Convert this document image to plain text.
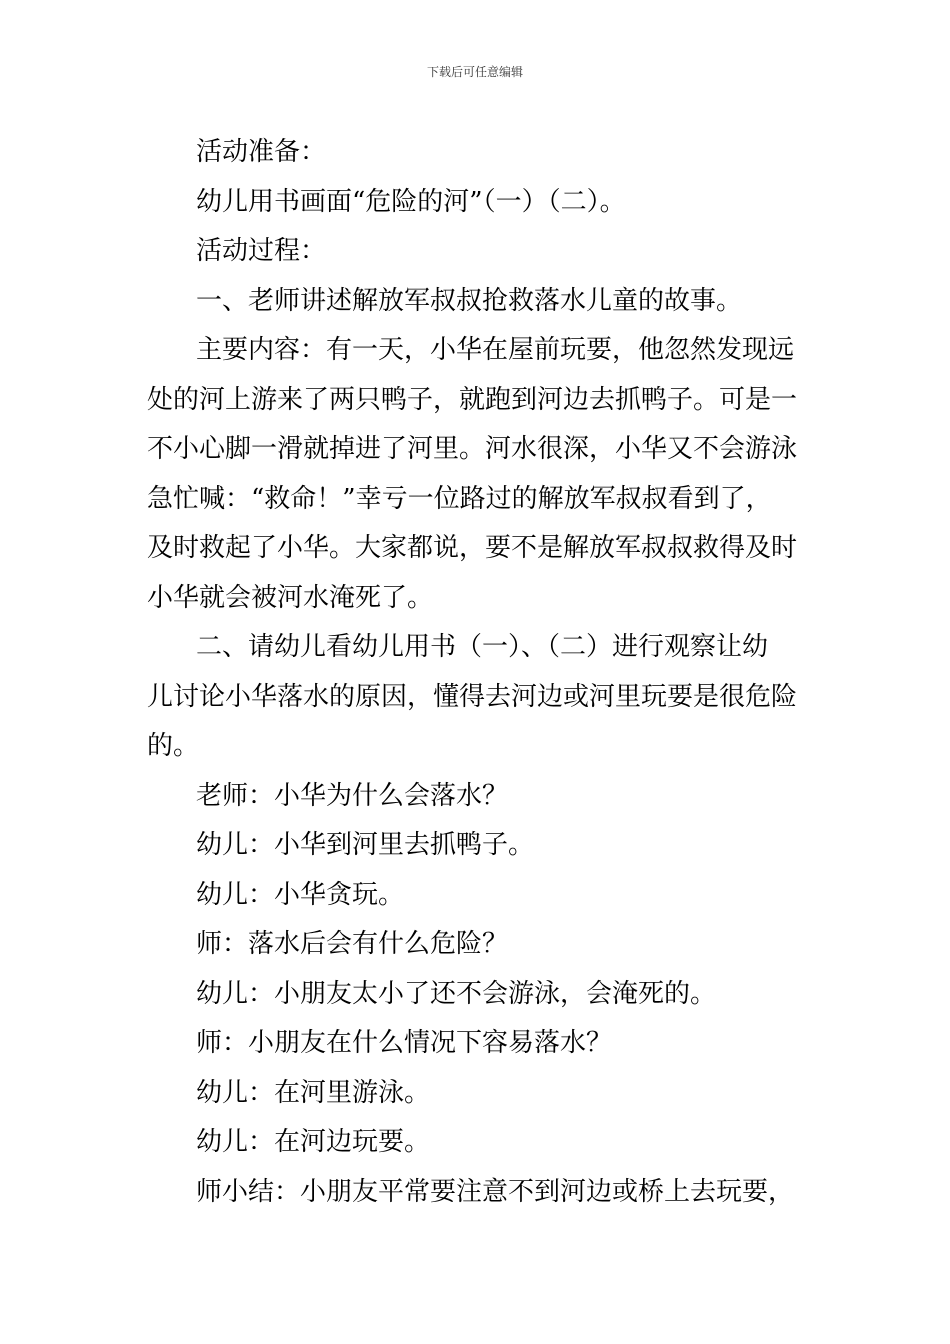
下载后可任意编辑
活动准备：
幼儿用书画面“危险的河”（一）（二）。
活动过程：
一、老师讲述解放军叔叔抢救落水儿童的故事。
主要内容：有一天，小华在屋前玩要，他忽然发现远
处的河上游来了两只鸭子，就跑到河边去抓鸭子。可是一
不小心脚一滑就掉进了河里。河水很深，小华又不会游泳
急忙喊：“救命！”幸亏一位路过的解放军叔叔看到了，
及时救起了小华。大家都说，要不是解放军叔叔救得及时
小华就会被河水淹死了。
二、请幼儿看幼儿用书（一）、（二）进行观察让幼
儿讨论小华落水的原因，懂得去河边或河里玩要是很危险
的。
老师：小华为什么会落水？
幼儿：小华到河里去抓鸭子。
幼儿：小华贪玩。
师：落水后会有什么危险？
幼儿：小朋友太小了还不会游泳，会淹死的。
师：小朋友在什么情况下容易落水？
幼儿：在河里游泳。
幼儿：在河边玩要。
师小结：小朋友平常要注意不到河边或桥上去玩要，
